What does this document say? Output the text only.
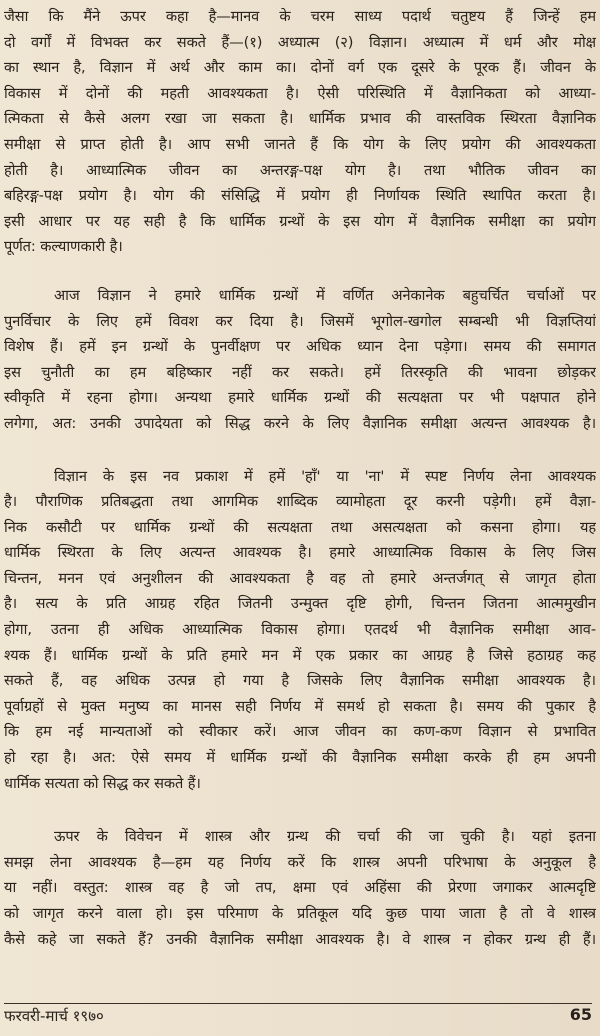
जैसा कि मैंने ऊपर कहा है—मानव के चरम साध्य पदार्थ चतुष्टय हैं जिन्हें हम
दो वर्गों में विभक्त कर सकते हैं—(१) अध्यात्म (२) विज्ञान। अध्यात्म में धर्म और मोक्ष
का स्थान है, विज्ञान में अर्थ और काम का। दोनों वर्ग एक दूसरे के पूरक हैं। जीवन के
विकास में दोनों की महती आवश्यकता है। ऐसी परिस्थिति में वैज्ञानिकता को आध्या-
त्मिकता से कैसे अलग रखा जा सकता है। धार्मिक प्रभाव की वास्तविक स्थिरता वैज्ञानिक
समीक्षा से प्राप्त होती है। आप सभी जानते हैं कि योग के लिए प्रयोग की आवश्यकता
होती है। आध्यात्मिक जीवन का अन्तरङ्ग-पक्ष योग है। तथा भौतिक जीवन का
बहिरङ्ग-पक्ष प्रयोग है। योग की संसिद्धि में प्रयोग ही निर्णायक स्थिति स्थापित करता है।
इसी आधार पर यह सही है कि धार्मिक ग्रन्थों के इस योग में वैज्ञानिक समीक्षा का प्रयोग
पूर्णत: कल्याणकारी है।
आज विज्ञान ने हमारे धार्मिक ग्रन्थों में वर्णित अनेकानेक बहुचर्चित चर्चाओं पर
पुनर्विचार के लिए हमें विवश कर दिया है। जिसमें भूगोल-खगोल सम्बन्धी भी विज्ञप्तियां
विशेष हैं। हमें इन ग्रन्थों के पुनर्वीक्षण पर अधिक ध्यान देना पड़ेगा। समय की समागत
इस चुनौती का हम बहिष्कार नहीं कर सकते। हमें तिरस्कृति की भावना छोड़कर
स्वीकृति में रहना होगा। अन्यथा हमारे धार्मिक ग्रन्थों की सत्यक्षता पर भी पक्षपात होने
लगेगा, अत: उनकी उपादेयता को सिद्ध करने के लिए वैज्ञानिक समीक्षा अत्यन्त आवश्यक है।
विज्ञान के इस नव प्रकाश में हमें 'हाँ' या 'ना' में स्पष्ट निर्णय लेना आवश्यक
है। पौराणिक प्रतिबद्धता तथा आगमिक शाब्दिक व्यामोहता दूर करनी पड़ेगी। हमें वैज्ञा-
निक कसौटी पर धार्मिक ग्रन्थों की सत्यक्षता तथा असत्यक्षता को कसना होगा। यह
धार्मिक स्थिरता के लिए अत्यन्त आवश्यक है। हमारे आध्यात्मिक विकास के लिए जिस
चिन्तन, मनन एवं अनुशीलन की आवश्यकता है वह तो हमारे अन्तर्जगत् से जागृत होता
है। सत्य के प्रति आग्रह रहित जितनी उन्मुक्त दृष्टि होगी, चिन्तन जितना आत्ममुखीन
होगा, उतना ही अधिक आध्यात्मिक विकास होगा। एतदर्थ भी वैज्ञानिक समीक्षा आव-
श्यक हैं। धार्मिक ग्रन्थों के प्रति हमारे मन में एक प्रकार का आग्रह है जिसे हठाग्रह कह
सकते हैं, वह अधिक उत्पन्न हो गया है जिसके लिए वैज्ञानिक समीक्षा आवश्यक है।
पूर्वाग्रहों से मुक्त मनुष्य का मानस सही निर्णय में समर्थ हो सकता है। समय की पुकार है
कि हम नई मान्यताओं को स्वीकार करें। आज जीवन का कण-कण विज्ञान से प्रभावित
हो रहा है। अत: ऐसे समय में धार्मिक ग्रन्थों की वैज्ञानिक समीक्षा करके ही हम अपनी
धार्मिक सत्यता को सिद्ध कर सकते हैं।
ऊपर के विवेचन में शास्त्र और ग्रन्थ की चर्चा की जा चुकी है। यहां इतना
समझ लेना आवश्यक है—हम यह निर्णय करें कि शास्त्र अपनी परिभाषा के अनुकूल है
या नहीं। वस्तुत: शास्त्र वह है जो तप, क्षमा एवं अहिंसा की प्रेरणा जगाकर आत्मदृष्टि
को जागृत करने वाला हो। इस परिमाण के प्रतिकूल यदि कुछ पाया जाता है तो वे शास्त्र
कैसे कहे जा सकते हैं? उनकी वैज्ञानिक समीक्षा आवश्यक है। वे शास्त्र न होकर ग्रन्थ ही हैं।
फरवरी-मार्च १९७०	65
